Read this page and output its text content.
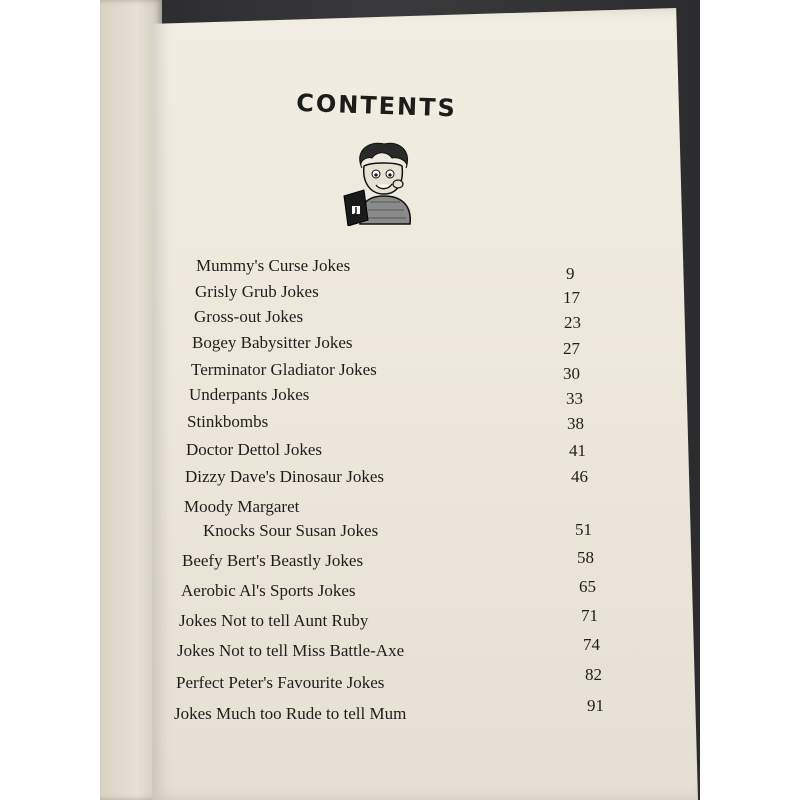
CONTENTS
J
Mummy's Curse Jokes	9
Grisly Grub Jokes	17
Gross-out Jokes	23
Bogey Babysitter Jokes	27
Terminator Gladiator Jokes	30
Underpants Jokes	33
Stinkbombs	38
Doctor Dettol Jokes	41
Dizzy Dave's Dinosaur Jokes	46
Moody Margaret
Knocks Sour Susan Jokes	51
Beefy Bert's Beastly Jokes	58
Aerobic Al's Sports Jokes	65
Jokes Not to tell Aunt Ruby	71
Jokes Not to tell Miss Battle-Axe	74
Perfect Peter's Favourite Jokes	82
Jokes Much too Rude to tell Mum	91
